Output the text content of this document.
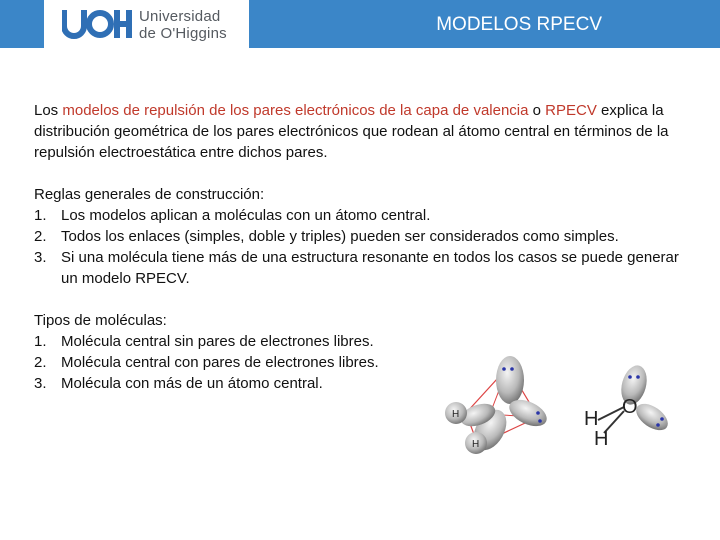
Universidad
de O'Higgins	MODELOS RPECV

Los modelos de repulsión de los pares electrónicos de la capa de valencia o RPECV explica la distribución geométrica de los pares electrónicos que rodean al átomo central en términos de la repulsión electroestática entre dichos pares.

Reglas generales de construcción:
1. Los modelos aplican a moléculas con un átomo central.
2. Todos los enlaces (simples, doble y triples) pueden ser considerados como simples.
3. Si una molécula tiene más de una estructura resonante en todos los casos se puede generar un modelo RPECV.
Tipos de moléculas:
1. Molécula central sin pares de electrones libres.
2. Molécula central con pares de electrones libres.
3. Molécula con más de un átomo central.
H
H
O
H
H
